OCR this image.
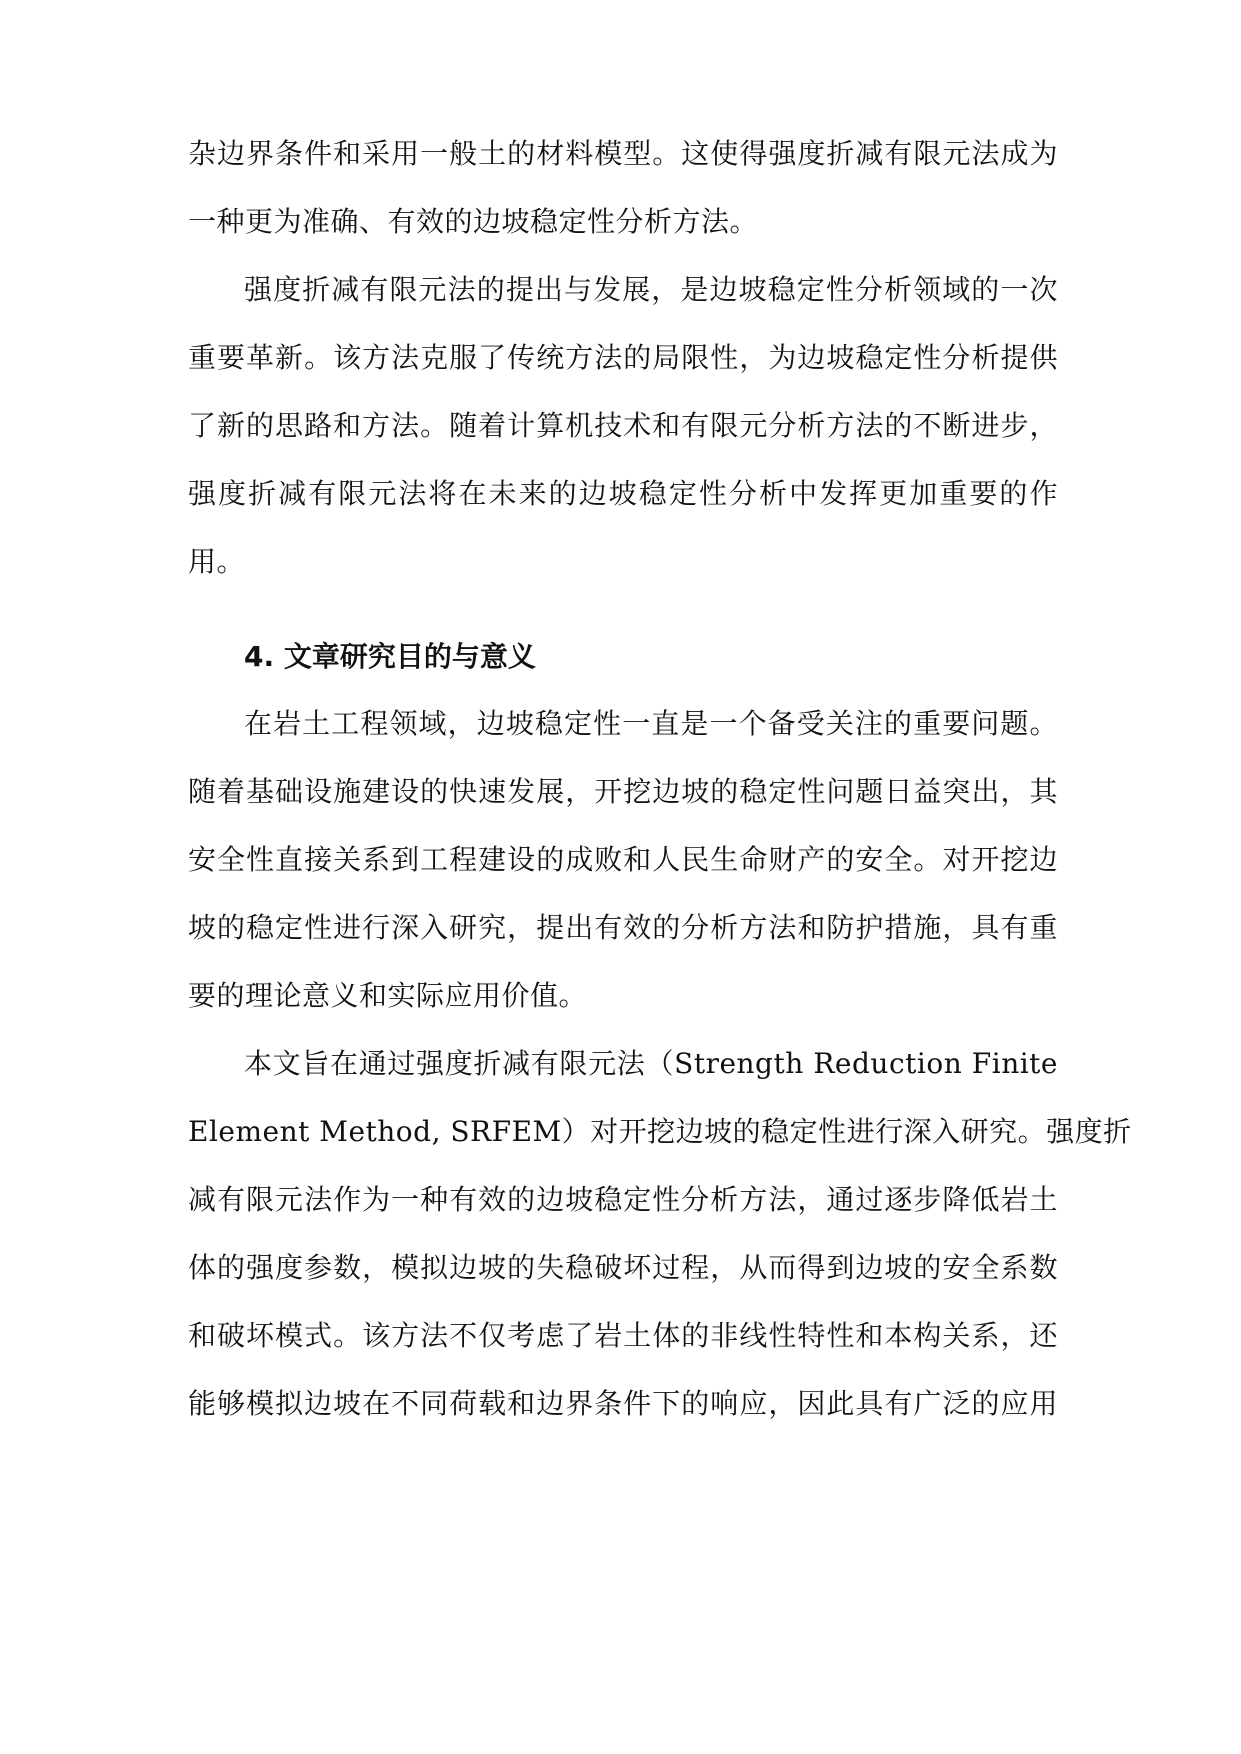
杂边界条件和采用一般土的材料模型。这使得强度折减有限元法成为
一种更为准确、有效的边坡稳定性分析方法。
强度折减有限元法的提出与发展，是边坡稳定性分析领域的一次
重要革新。该方法克服了传统方法的局限性，为边坡稳定性分析提供
了新的思路和方法。随着计算机技术和有限元分析方法的不断进步，
强度折减有限元法将在未来的边坡稳定性分析中发挥更加重要的作
用。
4. 文章研究目的与意义
在岩土工程领域，边坡稳定性一直是一个备受关注的重要问题。
随着基础设施建设的快速发展，开挖边坡的稳定性问题日益突出，其
安全性直接关系到工程建设的成败和人民生命财产的安全。对开挖边
坡的稳定性进行深入研究，提出有效的分析方法和防护措施，具有重
要的理论意义和实际应用价值。
本文旨在通过强度折减有限元法（Strength Reduction Finite
Element Method, SRFEM）对开挖边坡的稳定性进行深入研究。强度折
减有限元法作为一种有效的边坡稳定性分析方法，通过逐步降低岩土
体的强度参数，模拟边坡的失稳破坏过程，从而得到边坡的安全系数
和破坏模式。该方法不仅考虑了岩土体的非线性特性和本构关系，还
能够模拟边坡在不同荷载和边界条件下的响应，因此具有广泛的应用
